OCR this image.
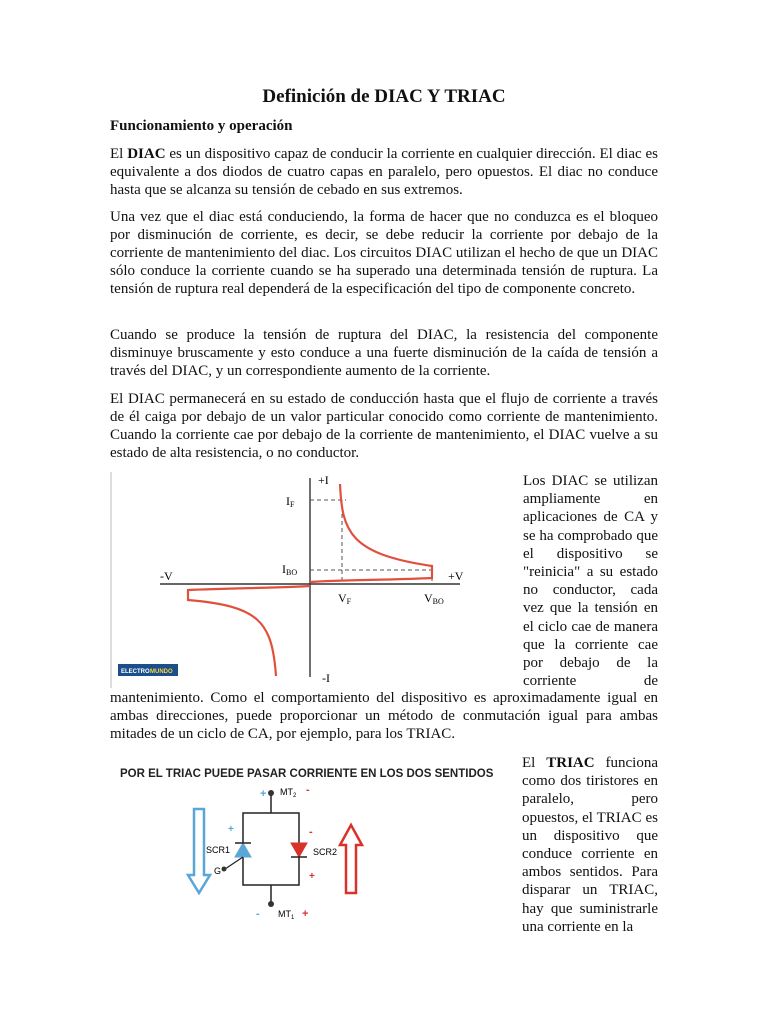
Definición de DIAC Y TRIAC
Funcionamiento y operación

El DIAC es un dispositivo capaz de conducir la corriente en cualquier dirección. El diac es equivalente a dos diodos de cuatro capas en paralelo, pero opuestos. El diac no conduce hasta que se alcanza su tensión de cebado en sus extremos.

Una vez que el diac está conduciendo, la forma de hacer que no conduzca es el bloqueo por disminución de corriente, es decir, se debe reducir la corriente por debajo de la corriente de mantenimiento del diac. Los circuitos DIAC utilizan el hecho de que un DIAC sólo conduce la corriente cuando se ha superado una determinada tensión de ruptura. La tensión de ruptura real dependerá de la especificación del tipo de componente concreto.

Cuando se produce la tensión de ruptura del DIAC, la resistencia del componente disminuye bruscamente y esto conduce a una fuerte disminución de la caída de tensión a través del DIAC, y un correspondiente aumento de la corriente.

El DIAC permanecerá en su estado de conducción hasta que el flujo de corriente a través de él caiga por debajo de un valor particular conocido como corriente de mantenimiento. Cuando la corriente cae por debajo de la corriente de mantenimiento, el DIAC vuelve a su estado de alta resistencia, o no conductor.

+I
-I
-V	+V
IF
IBO
VF	VBO
ELECTRO MUNDO

Los DIAC se utilizan ampliamente en aplicaciones de CA y se ha comprobado que el dispositivo se "reinicia" a su estado no conductor, cada vez que la tensión en el ciclo cae de manera que la corriente cae por debajo de la corriente de

mantenimiento. Como el comportamiento del dispositivo es aproximadamente igual en ambas direcciones, puede proporcionar un método de conmutación igual para ambas mitades de un ciclo de CA, por ejemplo, para los TRIAC.

POR EL TRIAC PUEDE PASAR CORRIENTE EN LOS DOS SENTIDOS
+ $MT_2$ -
SCR1
G
SCR2
+	-
+
- $MT_1$ +

El TRIAC funciona como dos tiristores en paralelo, pero opuestos, el TRIAC es un dispositivo que conduce corriente en ambos sentidos. Para disparar un TRIAC, hay que suministrarle una corriente en la
